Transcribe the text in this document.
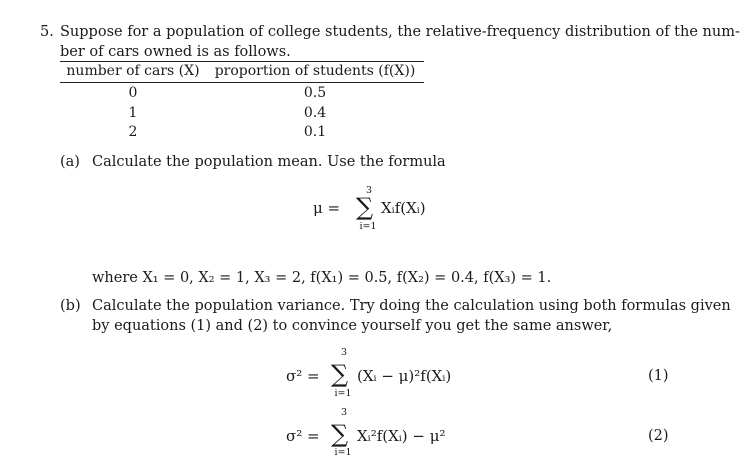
5. Suppose for a population of college students, the relative-frequency distribution of the num-
ber of cars owned is as follows.
number of cars (X)	proportion of students (f(X))
0	0.5
1	0.4
2	0.1
(a) Calculate the population mean. Use the formula
μ =
3
∑
i=1
Xᵢf(Xᵢ)
where X₁ = 0, X₂ = 1, X₃ = 2, f(X₁) = 0.5, f(X₂) = 0.4, f(X₃) = 1.
(b) Calculate the population variance. Try doing the calculation using both formulas given
by equations (1) and (2) to convince yourself you get the same answer,
σ² =
3
∑
i=1
(Xᵢ − μ)²f(Xᵢ)	(1)
σ² =
3
∑
i=1
Xᵢ²f(Xᵢ) − μ²	(2)
